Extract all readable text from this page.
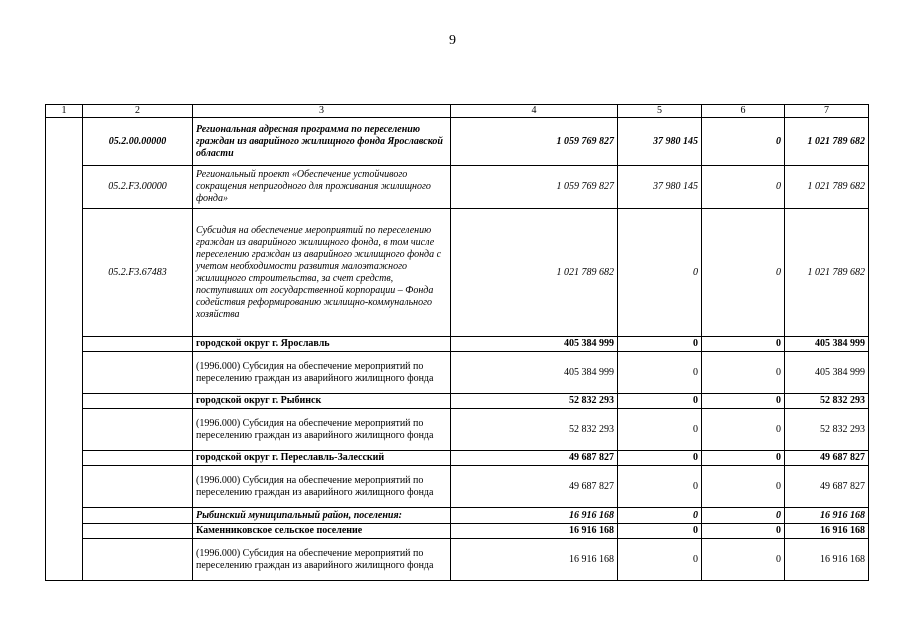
9
1	2	3	4	5	6	7
	05.2.00.00000	Региональная адресная программа по переселению граждан из аварийного жилищного фонда Ярославской области	1 059 769 827	37 980 145	0	1 021 789 682
	05.2.F3.00000	Региональный проект «Обеспечение устойчивого сокращения непригодного для проживания жилищного фонда»	1 059 769 827	37 980 145	0	1 021 789 682
	05.2.F3.67483	Субсидия на обеспечение мероприятий по переселению граждан из аварийного жилищного фонда, в том числе переселению граждан из аварийного жилищного фонда с учетом необходимости развития малоэтажного жилищного строительства, за счет средств, поступивших от государственной корпорации – Фонда содействия реформированию жилищно-коммунального хозяйства	1 021 789 682	0	0	1 021 789 682
		городской округ г. Ярославль	405 384 999	0	0	405 384 999
		(1996.000) Субсидия на обеспечение мероприятий по переселению граждан из аварийного жилищного фонда	405 384 999	0	0	405 384 999
		городской округ г. Рыбинск	52 832 293	0	0	52 832 293
		(1996.000) Субсидия на обеспечение мероприятий по переселению граждан из аварийного жилищного фонда	52 832 293	0	0	52 832 293
		городской округ г. Переславль-Залесский	49 687 827	0	0	49 687 827
		(1996.000) Субсидия на обеспечение мероприятий по переселению граждан из аварийного жилищного фонда	49 687 827	0	0	49 687 827
		Рыбинский муниципальный район, поселения:	16 916 168	0	0	16 916 168
		Каменниковское сельское поселение	16 916 168	0	0	16 916 168
		(1996.000) Субсидия на обеспечение мероприятий по переселению граждан из аварийного жилищного фонда	16 916 168	0	0	16 916 168
